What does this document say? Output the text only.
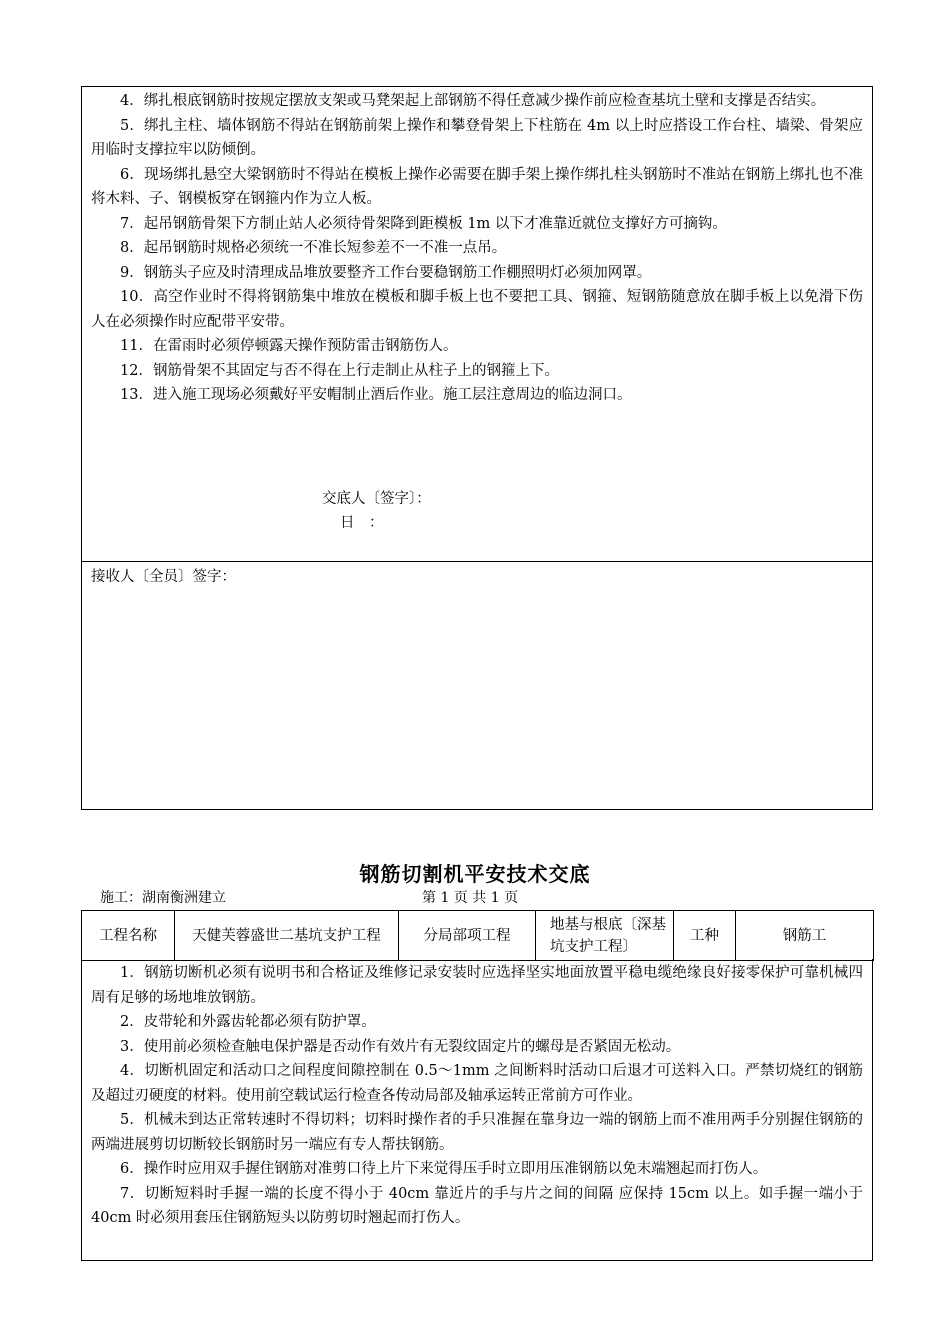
4．绑扎根底钢筋时按规定摆放支架或马凳架起上部钢筋不得任意减少操作前应检查基坑土壁和支撑是否结实。

5．绑扎主柱、墙体钢筋不得站在钢筋前架上操作和攀登骨架上下柱筋在 4m 以上时应搭设工作台柱、墙梁、骨架应用临时支撑拉牢以防倾倒。

6．现场绑扎悬空大梁钢筋时不得站在模板上操作必需要在脚手架上操作绑扎柱头钢筋时不准站在钢筋上绑扎也不准将木料、子、钢模板穿在钢箍内作为立人板。

7．起吊钢筋骨架下方制止站人必须待骨架降到距模板 1m 以下才准靠近就位支撑好方可摘钩。

8．起吊钢筋时规格必须统一不准长短参差不一不准一点吊。

9．钢筋头子应及时清理成品堆放要整齐工作台要稳钢筋工作棚照明灯必须加网罩。

10．高空作业时不得将钢筋集中堆放在模板和脚手板上也不要把工具、钢箍、短钢筋随意放在脚手板上以免滑下伤人在必须操作时应配带平安带。

11．在雷雨时必须停顿露天操作预防雷击钢筋伤人。

12．钢筋骨架不其固定与否不得在上行走制止从柱子上的钢箍上下。

13．进入施工现场必须戴好平安帽制止酒后作业。施工层注意周边的临边洞口。

交底人〔签字〕：
日　：
接收人〔全员〕签字：
钢筋切割机平安技术交底
施工：湖南衡洲建立	第 1 页 共 1 页
工程名称	天健芙蓉盛世二基坑支护工程	分局部项工程	地基与根底〔深基坑支护工程〕	工种	钢筋工

1．钢筋切断机必须有说明书和合格证及维修记录安装时应选择坚实地面放置平稳电缆绝缘良好接零保护可靠机械四周有足够的场地堆放钢筋。

2．皮带轮和外露齿轮都必须有防护罩。

3．使用前必须检查触电保护器是否动作有效片有无裂纹固定片的螺母是否紧固无松动。

4．切断机固定和活动口之间程度间隙控制在 0.5～1mm 之间断料时活动口后退才可送料入口。严禁切烧红的钢筋及超过刃硬度的材料。使用前空载试运行检查各传动局部及轴承运转正常前方可作业。

5．机械未到达正常转速时不得切料；切料时操作者的手只准握在靠身边一端的钢筋上而不准用两手分别握住钢筋的两端进展剪切切断较长钢筋时另一端应有专人帮扶钢筋。

6．操作时应用双手握住钢筋对准剪口待上片下来觉得压手时立即用压准钢筋以免末端翘起而打伤人。

7．切断短料时手握一端的长度不得小于 40cm 靠近片的手与片之间的间隔 应保持 15cm 以上。如手握一端小于 40cm 时必须用套压住钢筋短头以防剪切时翘起而打伤人。
